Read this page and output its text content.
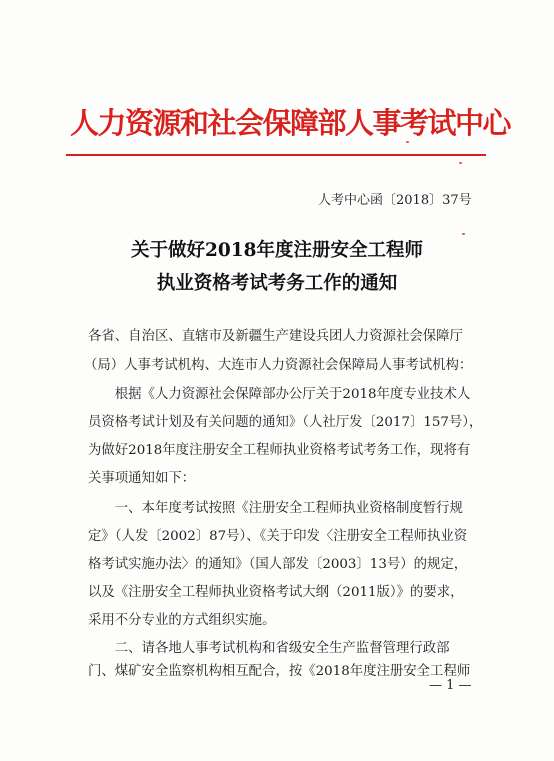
人力资源和社会保障部人事考试中心
人考中心函〔2018〕37号
关于做好2018年度注册安全工程师
执业资格考试考务工作的通知
各省、自治区、直辖市及新疆生产建设兵团人力资源社会保障厅
（局）人事考试机构、大连市人力资源社会保障局人事考试机构：
　　根据《人力资源社会保障部办公厅关于2018年度专业技术人
员资格考试计划及有关问题的通知》（人社厅发〔2017〕157号），
为做好2018年度注册安全工程师执业资格考试考务工作，现将有
关事项通知如下：
　　一、本年度考试按照《注册安全工程师执业资格制度暂行规
定》（人发〔2002〕87号）、《关于印发〈注册安全工程师执业资
格考试实施办法〉的通知》（国人部发〔2003〕13号）的规定，
以及《注册安全工程师执业资格考试大纲（2011版）》的要求，
采用不分专业的方式组织实施。
　　二、请各地人事考试机构和省级安全生产监督管理行政部
门、煤矿安全监察机构相互配合，按《2018年度注册安全工程师
— 1 —
